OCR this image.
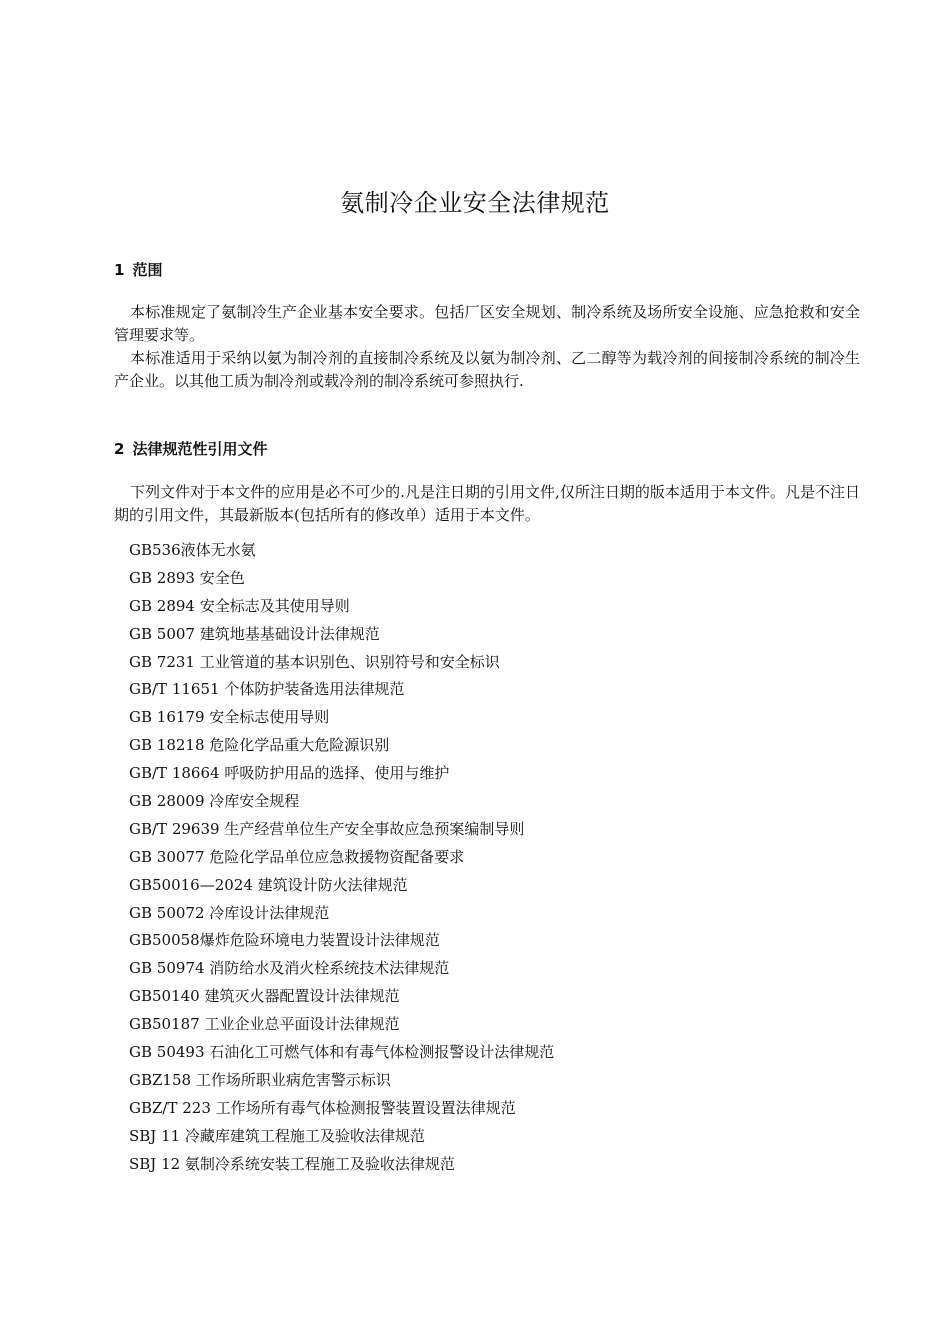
氨制冷企业安全法律规范
1 范围

本标准规定了氨制冷生产企业基本安全要求。包括厂区安全规划、制冷系统及场所安全设施、应急抢救和安全管理要求等。

本标准适用于采纳以氨为制冷剂的直接制冷系统及以氨为制冷剂、乙二醇等为载冷剂的间接制冷系统的制冷生产企业。以其他工质为制冷剂或载冷剂的制冷系统可参照执行.

2 法律规范性引用文件

下列文件对于本文件的应用是必不可少的.凡是注日期的引用文件,仅所注日期的版本适用于本文件。凡是不注日期的引用文件，其最新版本(包括所有的修改单）适用于本文件。

GB536液体无水氨
GB 2893 安全色
GB 2894 安全标志及其使用导则
GB 5007 建筑地基基础设计法律规范
GB 7231 工业管道的基本识别色、识别符号和安全标识
GB/T 11651 个体防护装备选用法律规范
GB 16179 安全标志使用导则
GB 18218 危险化学品重大危险源识别
GB/T 18664 呼吸防护用品的选择、使用与维护
GB 28009 冷库安全规程
GB/T 29639 生产经营单位生产安全事故应急预案编制导则
GB 30077 危险化学品单位应急救援物资配备要求
GB50016—2024 建筑设计防火法律规范
GB 50072 冷库设计法律规范
GB50058爆炸危险环境电力装置设计法律规范
GB 50974 消防给水及消火栓系统技术法律规范
GB50140 建筑灭火器配置设计法律规范
GB50187 工业企业总平面设计法律规范
GB 50493 石油化工可燃气体和有毒气体检测报警设计法律规范
GBZ158 工作场所职业病危害警示标识
GBZ/T 223 工作场所有毒气体检测报警装置设置法律规范
SBJ 11 冷藏库建筑工程施工及验收法律规范
SBJ 12 氨制冷系统安装工程施工及验收法律规范
